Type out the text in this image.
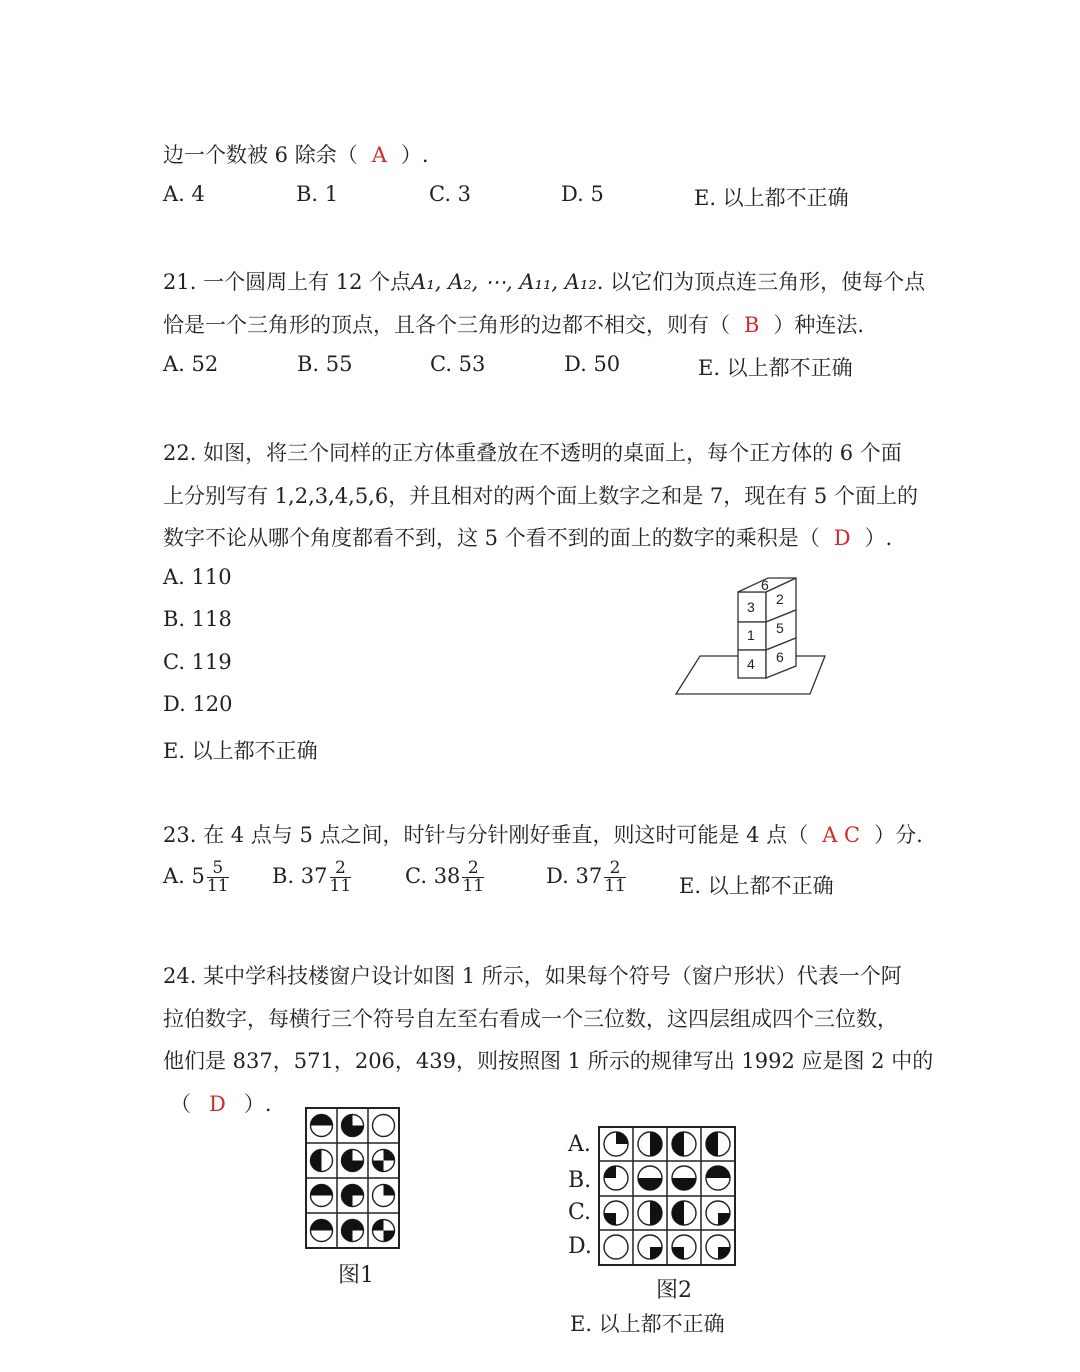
边一个数被 6 除余（ A ）.
A. 4	B. 1	C. 3	D. 5	E. 以上都不正确
21. 一个圆周上有 12 个点A₁, A₂, ⋯, A₁₁, A₁₂. 以它们为顶点连三角形，使每个点
恰是一个三角形的顶点，且各个三角形的边都不相交，则有（ B ）种连法.
A. 52	B. 55	C. 53	D. 50	E. 以上都不正确
22. 如图，将三个同样的正方体重叠放在不透明的桌面上，每个正方体的 6 个面
上分别写有 1,2,3,4,5,6，并且相对的两个面上数字之和是 7，现在有 5 个面上的
数字不论从哪个角度都看不到，这 5 个看不到的面上的数字的乘积是（ D ）.
A. 110
B. 118
C. 119
D. 120
E. 以上都不正确
6
3 2
1 5
4 6
23. 在 4 点与 5 点之间，时针与分针刚好垂直，则这时可能是 4 点（ A C ）分.
A. $5 \frac{5}{11} B$. $37 \frac{2}{11}$	C. $38 \frac{2}{11}$	D. $37 \frac{2}{11}$	E. 以上都不正确
24. 某中学科技楼窗户设计如图 1 所示，如果每个符号（窗户形状）代表一个阿
拉伯数字，每横行三个符号自左至右看成一个三位数，这四层组成四个三位数，
他们是 837，571，206，439，则按照图 1 所示的规律写出 1992 应是图 2 中的
（ D ）.
图1
A.
B.
C.
D.
图2
E. 以上都不正确
